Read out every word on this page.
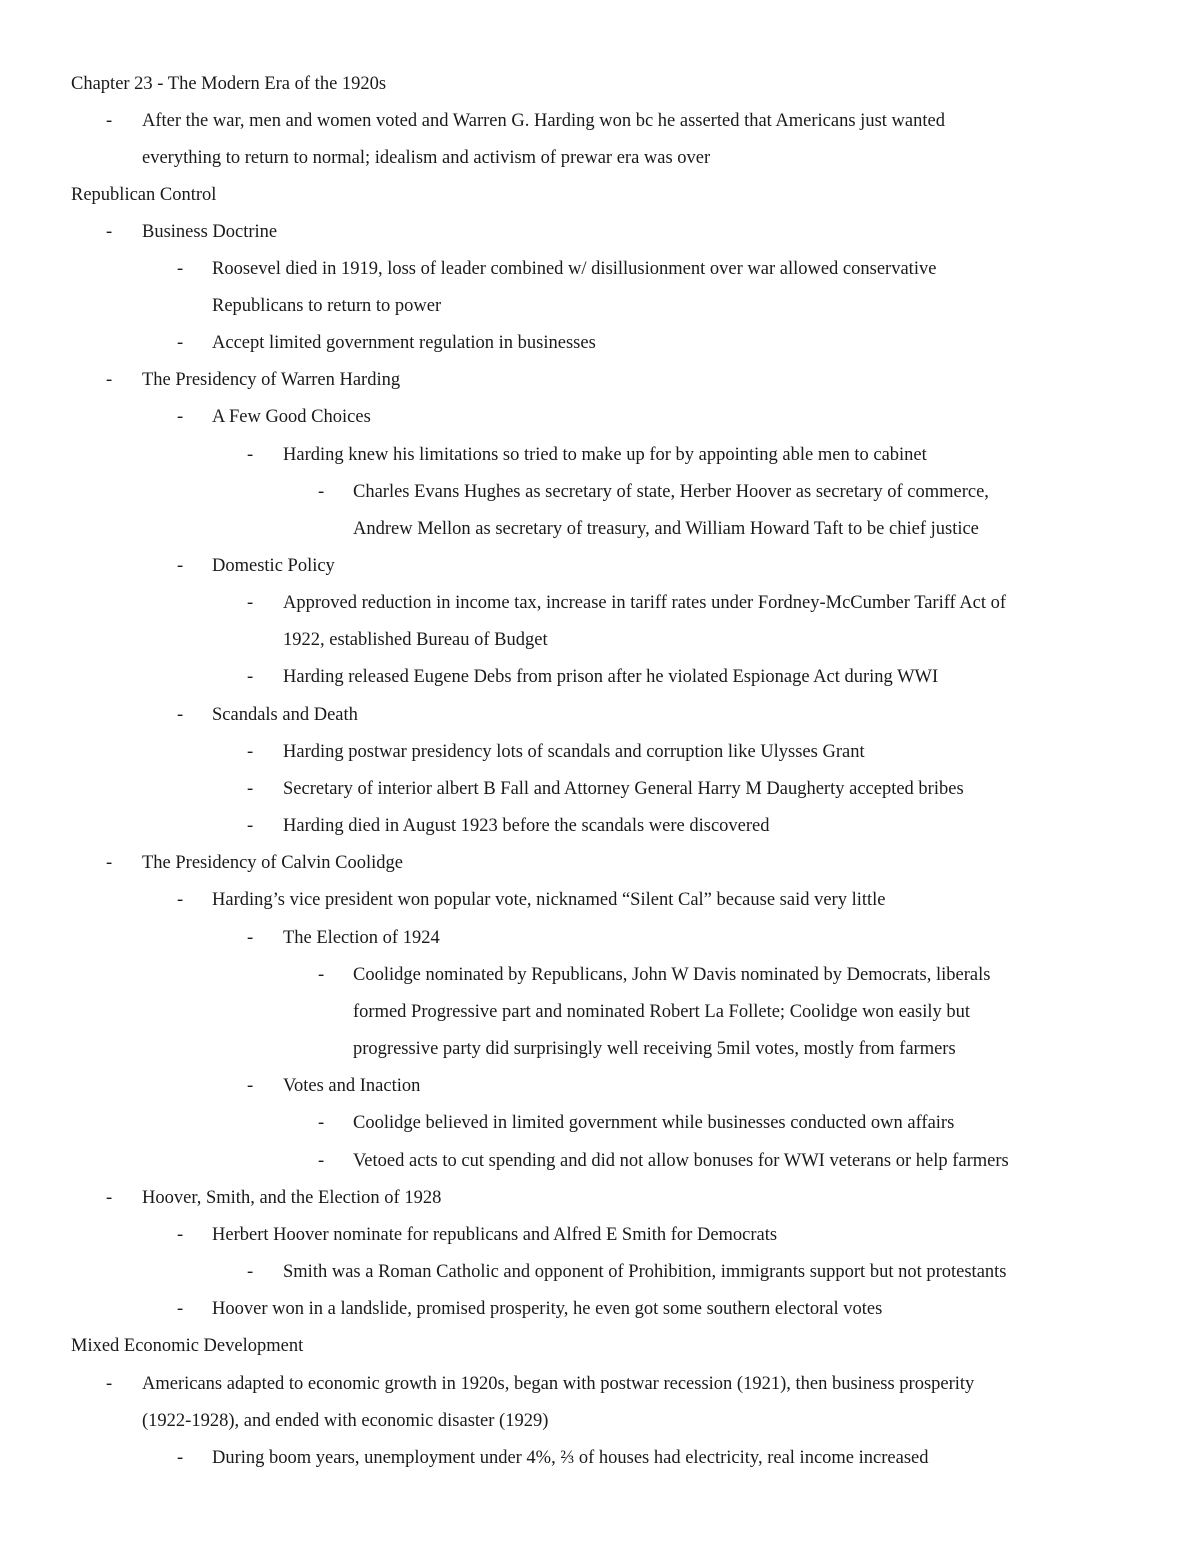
Chapter 23 - The Modern Era of the 1920s
- After the war, men and women voted and Warren G. Harding won bc he asserted that Americans just wanted
everything to return to normal; idealism and activism of prewar era was over
Republican Control
- Business Doctrine
- Roosevel died in 1919, loss of leader combined w/ disillusionment over war allowed conservative
Republicans to return to power
- Accept limited government regulation in businesses
- The Presidency of Warren Harding
- A Few Good Choices
- Harding knew his limitations so tried to make up for by appointing able men to cabinet
- Charles Evans Hughes as secretary of state, Herber Hoover as secretary of commerce,
Andrew Mellon as secretary of treasury, and William Howard Taft to be chief justice
- Domestic Policy
- Approved reduction in income tax, increase in tariff rates under Fordney-McCumber Tariff Act of
1922, established Bureau of Budget
- Harding released Eugene Debs from prison after he violated Espionage Act during WWI
- Scandals and Death
- Harding postwar presidency lots of scandals and corruption like Ulysses Grant
- Secretary of interior albert B Fall and Attorney General Harry M Daugherty accepted bribes
- Harding died in August 1923 before the scandals were discovered
- The Presidency of Calvin Coolidge
- Harding’s vice president won popular vote, nicknamed “Silent Cal” because said very little
- The Election of 1924
- Coolidge nominated by Republicans, John W Davis nominated by Democrats, liberals
formed Progressive part and nominated Robert La Follete; Coolidge won easily but
progressive party did surprisingly well receiving 5mil votes, mostly from farmers
- Votes and Inaction
- Coolidge believed in limited government while businesses conducted own affairs
- Vetoed acts to cut spending and did not allow bonuses for WWI veterans or help farmers
- Hoover, Smith, and the Election of 1928
- Herbert Hoover nominate for republicans and Alfred E Smith for Democrats
- Smith was a Roman Catholic and opponent of Prohibition, immigrants support but not protestants
- Hoover won in a landslide, promised prosperity, he even got some southern electoral votes
Mixed Economic Development
- Americans adapted to economic growth in 1920s, began with postwar recession (1921), then business prosperity
(1922-1928), and ended with economic disaster (1929)
- During boom years, unemployment under 4%, ⅔ of houses had electricity, real income increased
